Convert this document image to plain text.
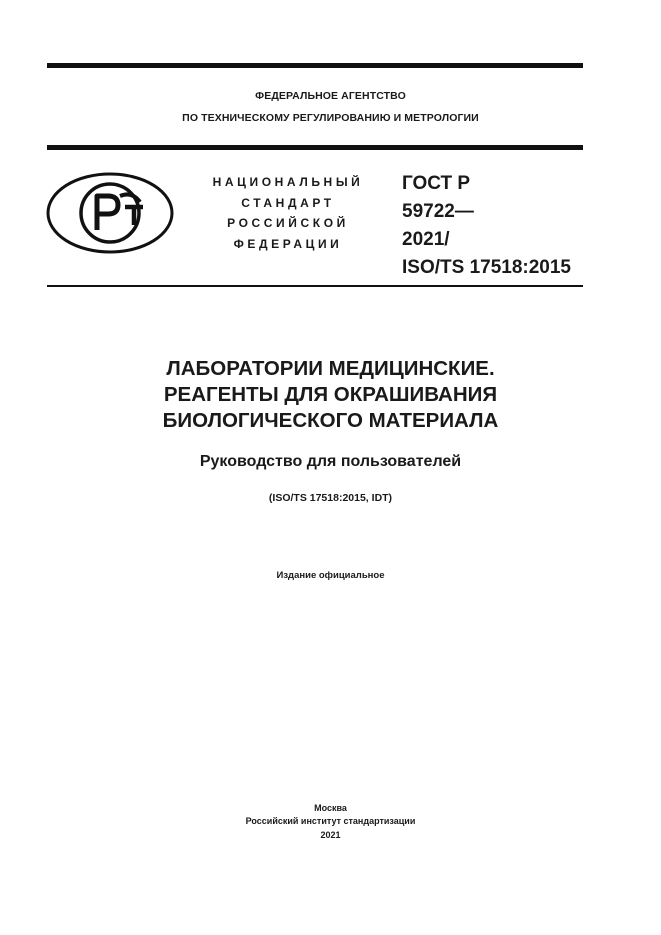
ФЕДЕРАЛЬНОЕ АГЕНТСТВО
ПО ТЕХНИЧЕСКОМУ РЕГУЛИРОВАНИЮ И МЕТРОЛОГИИ
НАЦИОНАЛЬНЫЙ
СТАНДАРТ
РОССИЙСКОЙ
ФЕДЕРАЦИИ
ГОСТ Р
59722—
2021/
ISO/TS 17518:2015
ЛАБОРАТОРИИ МЕДИЦИНСКИЕ.
РЕАГЕНТЫ ДЛЯ ОКРАШИВАНИЯ
БИОЛОГИЧЕСКОГО МАТЕРИАЛА
Руководство для пользователей
(ISO/TS 17518:2015, IDT)
Издание официальное
Москва
Российский институт стандартизации
2021
